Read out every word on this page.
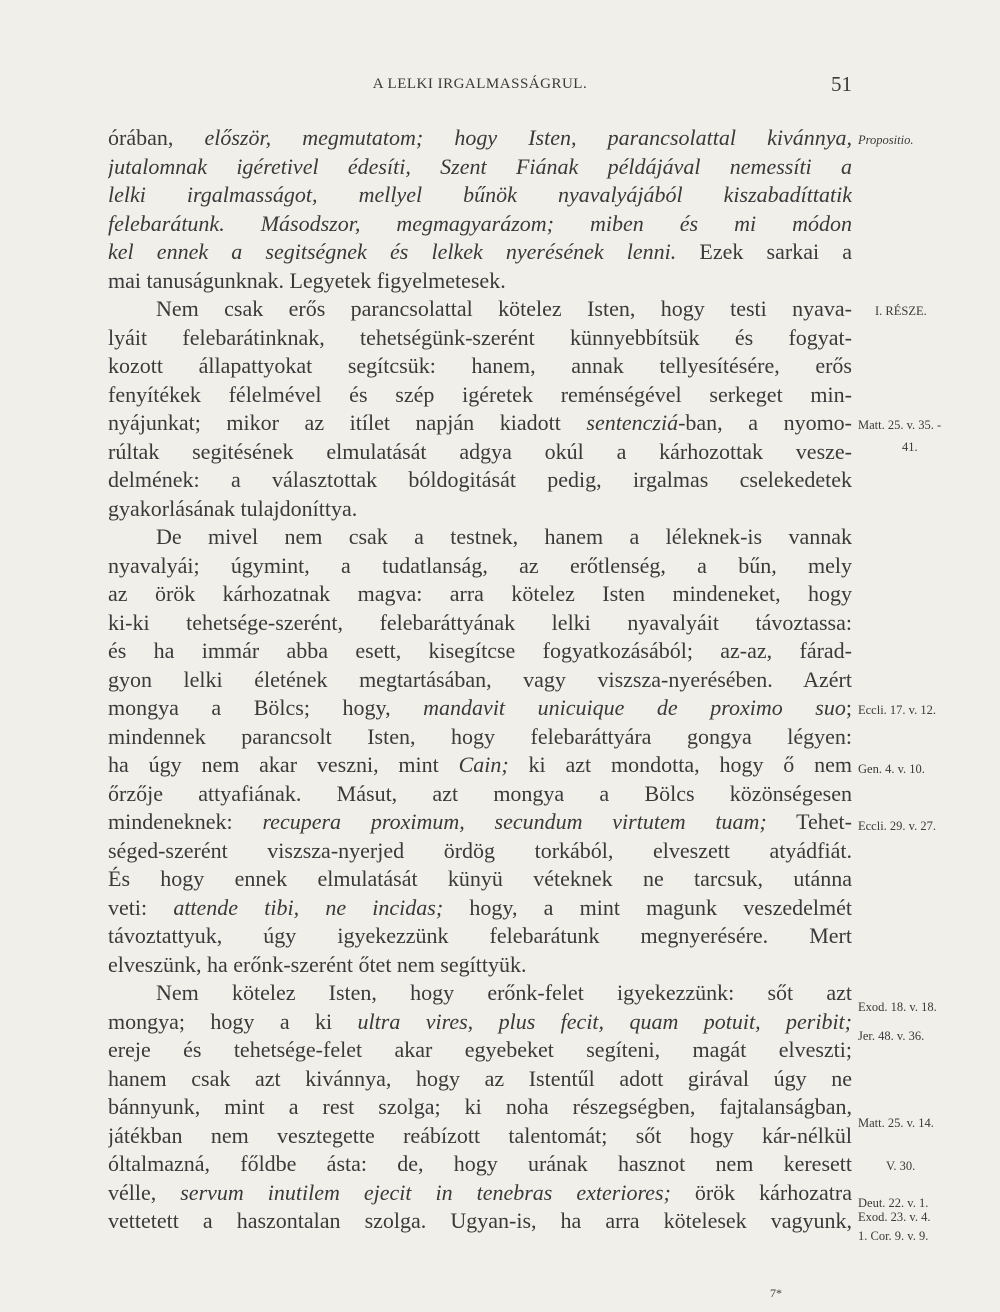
A LELKI IRGALMASSÁGRUL.	51
órában, először, megmutatom; hogy Isten, parancsolattal kivánnya,
jutalomnak igéretivel édesíti, Szent Fiának példájával nemessíti a
lelki irgalmasságot, mellyel bűnök nyavalyájából kiszabadíttatik
felebarátunk. Másodszor, megmagyarázom; miben és mi módon
kel ennek a segitségnek és lelkek nyerésének lenni. Ezek sarkai a
mai tanuságunknak. Legyetek figyelmetesek.
Nem csak erős parancsolattal kötelez Isten, hogy testi nyava-
lyáit felebarátinknak, tehetségünk-szerént künnyebbítsük és fogyat-
kozott állapattyokat segítcsük: hanem, annak tellyesítésére, erős
fenyítékek félelmével és szép igéretek reménségével serkeget min-
nyájunkat; mikor az itílet napján kiadott sentencziá-ban, a nyomo-
rúltak segitésének elmulatását adgya okúl a kárhozottak vesze-
delmének: a választottak bóldogitását pedig, irgalmas cselekedetek
gyakorlásának tulajdoníttya.
De mivel nem csak a testnek, hanem a léleknek-is vannak
nyavalyái; úgymint, a tudatlanság, az erőtlenség, a bűn, mely
az örök kárhozatnak magva: arra kötelez Isten mindeneket, hogy
ki-ki tehetsége-szerént, felebaráttyának lelki nyavalyáit távoztassa:
és ha immár abba esett, kisegítcse fogyatkozásából; az-az, fárad-
gyon lelki életének megtartásában, vagy viszsza-nyerésében. Azért
mongya a Bölcs; hogy, mandavit unicuique de proximo suo;
mindennek parancsolt Isten, hogy felebaráttyára gongya légyen:
ha úgy nem akar veszni, mint Cain; ki azt mondotta, hogy ő nem
őrzője attyafiának. Másut, azt mongya a Bölcs közönségesen
mindeneknek: recupera proximum, secundum virtutem tuam; Tehet-
séged-szerént viszsza-nyerjed ördög torkából, elveszett atyádfiát.
És hogy ennek elmulatását künyü véteknek ne tarcsuk, utánna
veti: attende tibi, ne incidas; hogy, a mint magunk veszedelmét
távoztattyuk, úgy igyekezzünk felebarátunk megnyerésére. Mert
elveszünk, ha erőnk-szerént őtet nem segíttyük.
Nem kötelez Isten, hogy erőnk-felet igyekezzünk: sőt azt
mongya; hogy a ki ultra vires, plus fecit, quam potuit, peribit;
ereje és tehetsége-felet akar egyebeket segíteni, magát elveszti;
hanem csak azt kivánnya, hogy az Istentűl adott girával úgy ne
bánnyunk, mint a rest szolga; ki noha részegségben, fajtalanságban,
játékban nem vesztegette reábízott talentomát; sőt hogy kár-nélkül
óltalmazná, főldbe ásta: de, hogy urának hasznot nem keresett
vélle, servum inutilem ejecit in tenebras exteriores; örök kárhozatra
vettetett a haszontalan szolga. Ugyan-is, ha arra kötelesek vagyunk,
Propositio.
I. RÉSZE.
Matt. 25. v. 35. -
41.
Eccli. 17. v. 12.
Gen. 4. v. 10.
Eccli. 29. v. 27.
Exod. 18. v. 18.
Jer. 48. v. 36.
Matt. 25. v. 14.
V. 30.
Deut. 22. v. 1.
Exod. 23. v. 4.
1. Cor. 9. v. 9.
7*
